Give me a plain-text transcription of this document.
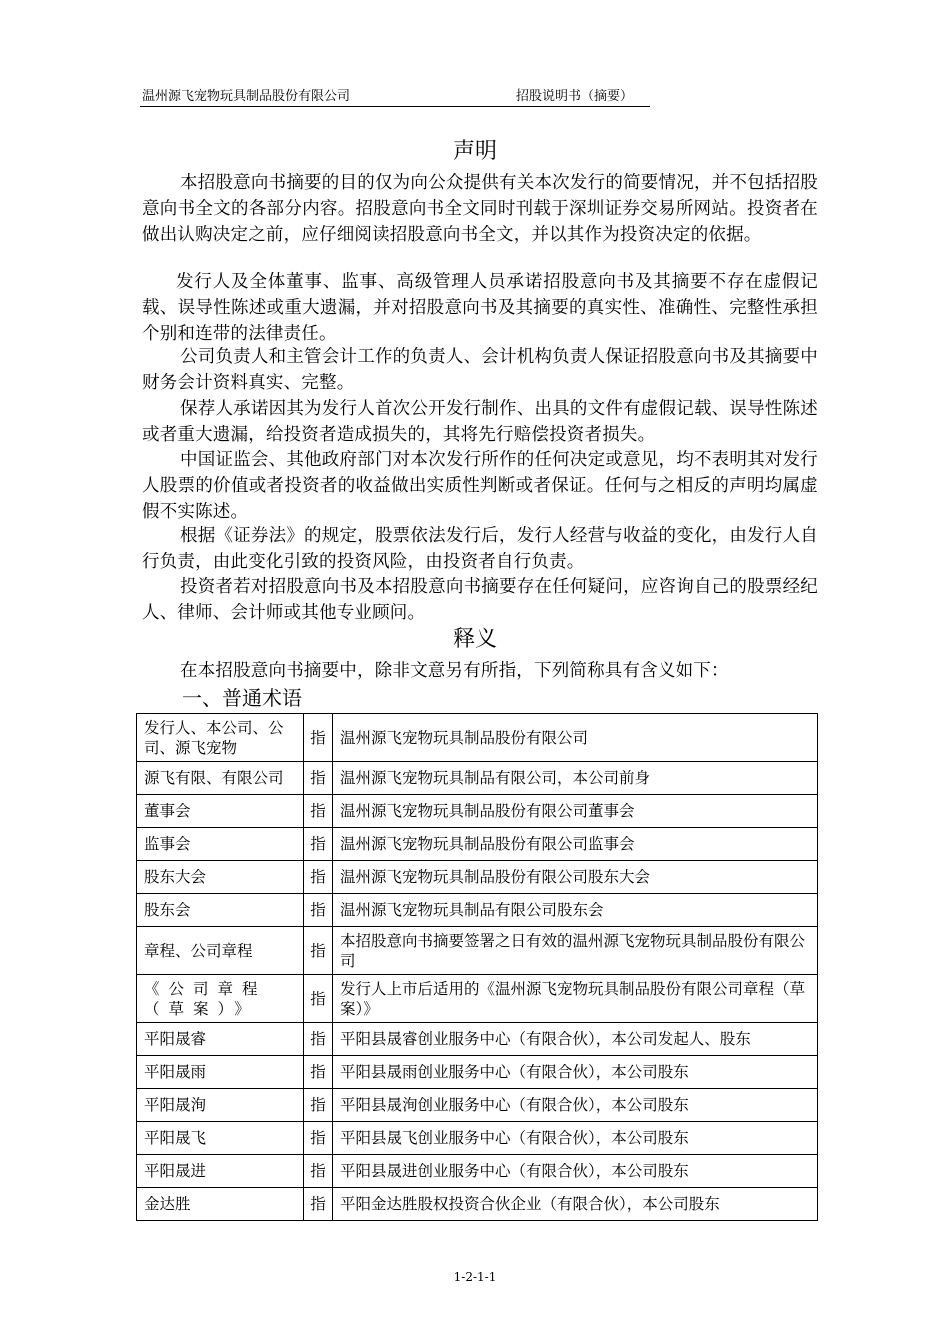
温州源飞宠物玩具制品股份有限公司	招股说明书（摘要）
声明

本招股意向书摘要的目的仅为向公众提供有关本次发行的简要情况，并不包括招股意向书全文的各部分内容。招股意向书全文同时刊载于深圳证券交易所网站。投资者在做出认购决定之前，应仔细阅读招股意向书全文，并以其作为投资决定的依据。

发行人及全体董事、监事、高级管理人员承诺招股意向书及其摘要不存在虚假记载、误导性陈述或重大遗漏，并对招股意向书及其摘要的真实性、准确性、完整性承担个别和连带的法律责任。

公司负责人和主管会计工作的负责人、会计机构负责人保证招股意向书及其摘要中财务会计资料真实、完整。

保荐人承诺因其为发行人首次公开发行制作、出具的文件有虚假记载、误导性陈述或者重大遗漏，给投资者造成损失的，其将先行赔偿投资者损失。

中国证监会、其他政府部门对本次发行所作的任何决定或意见，均不表明其对发行人股票的价值或者投资者的收益做出实质性判断或者保证。任何与之相反的声明均属虚假不实陈述。

根据《证券法》的规定，股票依法发行后，发行人经营与收益的变化，由发行人自行负责，由此变化引致的投资风险，由投资者自行负责。

投资者若对招股意向书及本招股意向书摘要存在任何疑问，应咨询自己的股票经纪人、律师、会计师或其他专业顾问。

释义

在本招股意向书摘要中，除非文意另有所指，下列简称具有含义如下：

一、普通术语
发行人、本公司、公司、源飞宠物	指	温州源飞宠物玩具制品股份有限公司
源飞有限、有限公司	指	温州源飞宠物玩具制品有限公司，本公司前身
董事会	指	温州源飞宠物玩具制品股份有限公司董事会
监事会	指	温州源飞宠物玩具制品股份有限公司监事会
股东大会	指	温州源飞宠物玩具制品股份有限公司股东大会
股东会	指	温州源飞宠物玩具制品有限公司股东会
章程、公司章程	指	本招股意向书摘要签署之日有效的温州源飞宠物玩具制品股份有限公司
《公司章程（草案）》	指	发行人上市后适用的《温州源飞宠物玩具制品股份有限公司章程（草案）》
平阳晟睿	指	平阳县晟睿创业服务中心（有限合伙），本公司发起人、股东
平阳晟雨	指	平阳县晟雨创业服务中心（有限合伙），本公司股东
平阳晟洵	指	平阳县晟洵创业服务中心（有限合伙），本公司股东
平阳晟飞	指	平阳县晟飞创业服务中心（有限合伙），本公司股东
平阳晟进	指	平阳县晟进创业服务中心（有限合伙），本公司股东
金达胜	指	平阳金达胜股权投资合伙企业（有限合伙），本公司股东
1-2-1-1
